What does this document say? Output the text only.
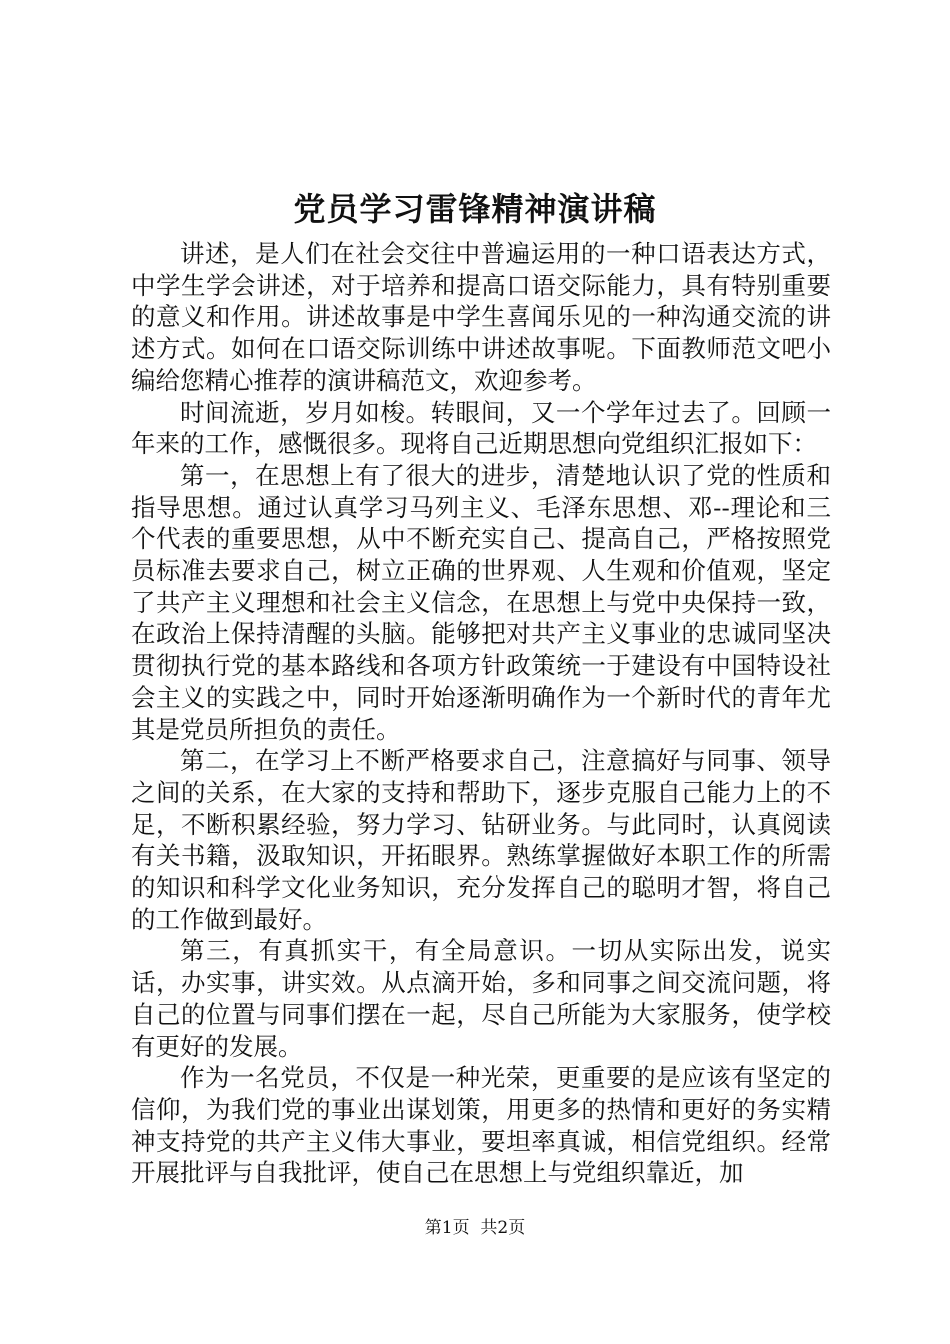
党员学习雷锋精神演讲稿

讲述，是人们在社会交往中普遍运用的一种口语表达方式，中学生学会讲述，对于培养和提高口语交际能力，具有特别重要的意义和作用。讲述故事是中学生喜闻乐见的一种沟通交流的讲述方式。如何在口语交际训练中讲述故事呢。下面教师范文吧小编给您精心推荐的演讲稿范文，欢迎参考。

时间流逝，岁月如梭。转眼间，又一个学年过去了。回顾一年来的工作，感慨很多。现将自己近期思想向党组织汇报如下：

第一，在思想上有了很大的进步，清楚地认识了党的性质和指导思想。通过认真学习马列主义、毛泽东思想、邓--理论和三个代表的重要思想，从中不断充实自己、提高自己，严格按照党员标准去要求自己，树立正确的世界观、人生观和价值观，坚定了共产主义理想和社会主义信念，在思想上与党中央保持一致，在政治上保持清醒的头脑。能够把对共产主义事业的忠诚同坚决贯彻执行党的基本路线和各项方针政策统一于建设有中国特设社会主义的实践之中，同时开始逐渐明确作为一个新时代的青年尤其是党员所担负的责任。

第二，在学习上不断严格要求自己，注意搞好与同事、领导之间的关系，在大家的支持和帮助下，逐步克服自己能力上的不足，不断积累经验，努力学习、钻研业务。与此同时，认真阅读有关书籍，汲取知识，开拓眼界。熟练掌握做好本职工作的所需的知识和科学文化业务知识，充分发挥自己的聪明才智，将自己的工作做到最好。

第三，有真抓实干，有全局意识。一切从实际出发，说实话，办实事，讲实效。从点滴开始，多和同事之间交流问题，将自己的位置与同事们摆在一起，尽自己所能为大家服务，使学校有更好的发展。

作为一名党员，不仅是一种光荣，更重要的是应该有坚定的信仰，为我们党的事业出谋划策，用更多的热情和更好的务实精神支持党的共产主义伟大事业，要坦率真诚，相信党组织。经常开展批评与自我批评，使自己在思想上与党组织靠近，加

第1页  共2页
